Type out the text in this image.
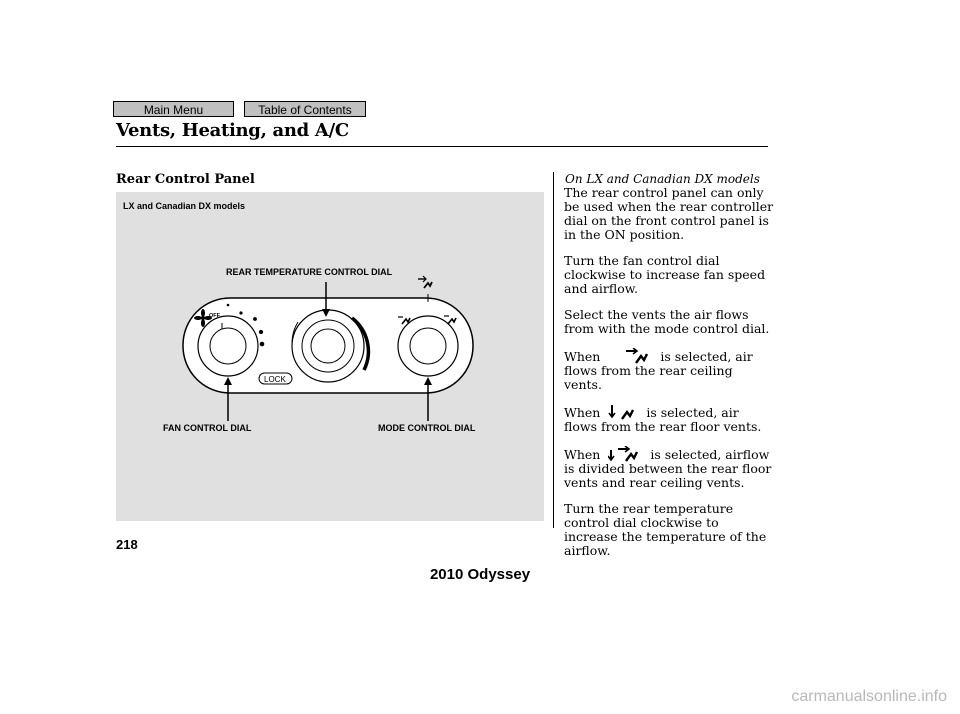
Main Menu	Table of Contents
Vents, Heating, and A/C
Rear Control Panel	On LX and Canadian DX models
OFF
LOCK
LX and Canadian DX models
REAR TEMPERATURE CONTROL DIAL
FAN CONTROL DIAL	MODE CONTROL DIAL

The rear control panel can only be used when the rear controller dial on the front control panel is in the ON position.

Turn the fan control dial clockwise to increase fan speed and airflow.

Select the vents the air flows from with the mode control dial.

When	is selected, air flows from the rear ceiling vents.

When	is selected, air flows from the rear floor vents.

When	is selected, airflow is divided between the rear floor vents and rear ceiling vents.

Turn the rear temperature control dial clockwise to increase the temperature of the airflow.

218
2010 Odyssey
carmanualsonline.info
